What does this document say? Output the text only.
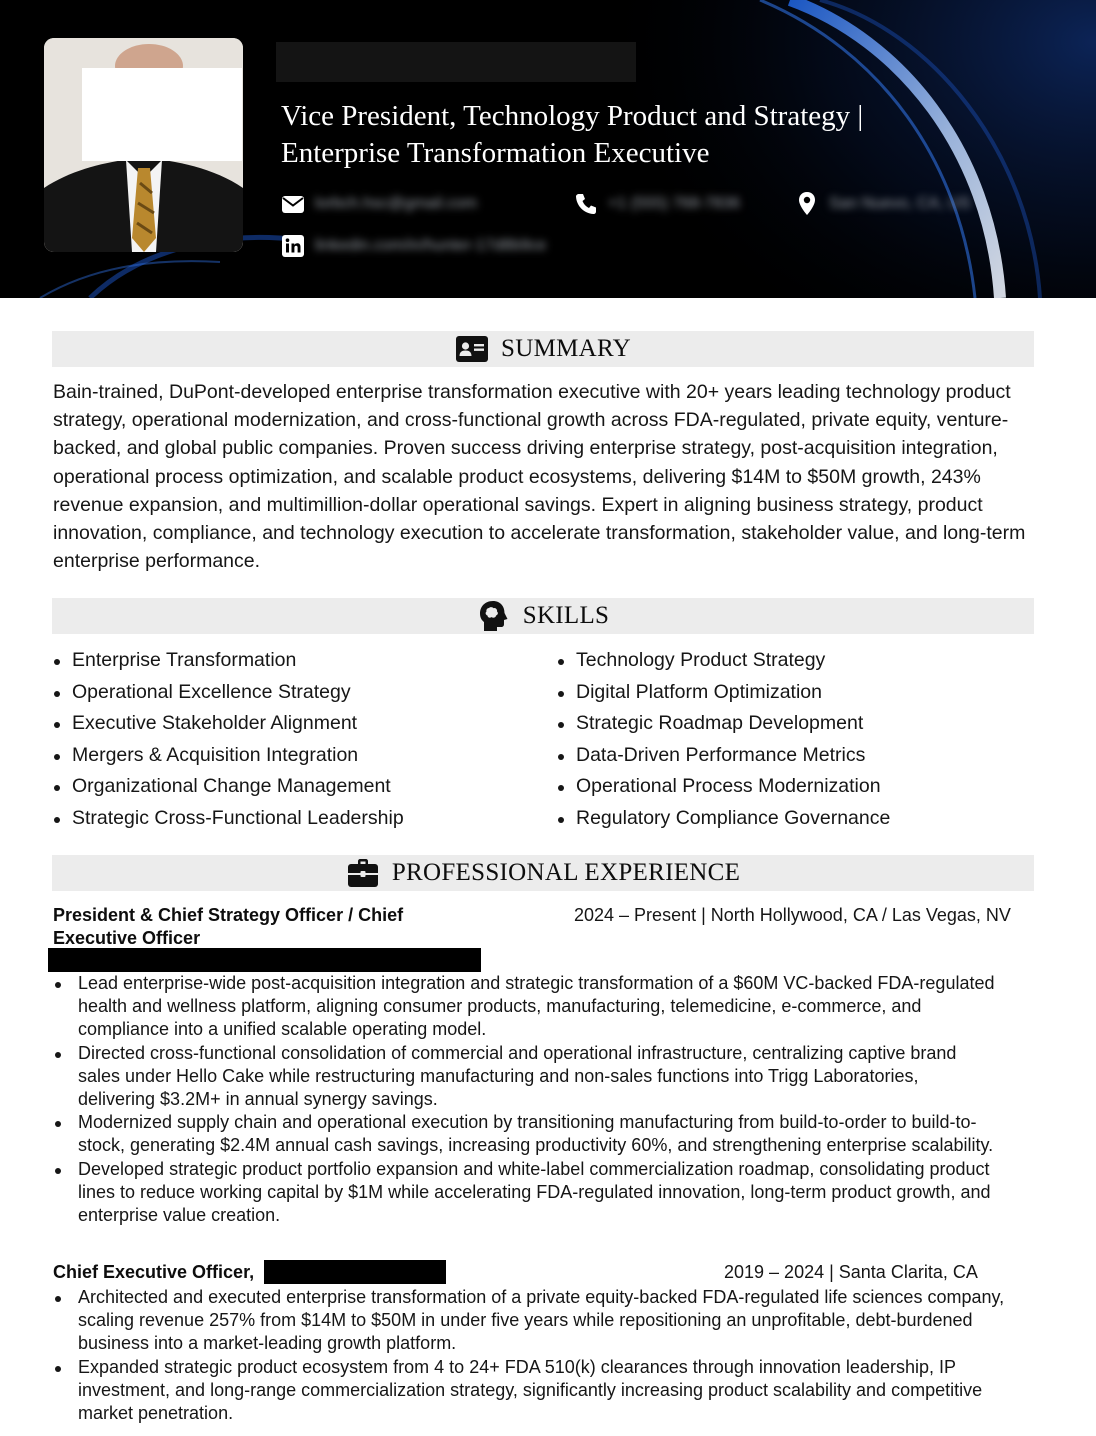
Vice President, Technology Product and Strategy |
Enterprise Transformation Executive
lorbch.hsc@gmail.com	+1 (555) 768-7836	San Nuevo, CA, US
linkedin.com/in/hunter-17d8b9ce
SUMMARY

Bain-trained, DuPont-developed enterprise transformation executive with 20+ years leading technology product strategy, operational modernization, and cross-functional growth across FDA-regulated, private equity, venture-backed, and global public companies. Proven success driving enterprise strategy, post-acquisition integration, operational process optimization, and scalable product ecosystems, delivering $14M to $50M growth, 243% revenue expansion, and multimillion-dollar operational savings. Expert in aligning business strategy, product innovation, compliance, and technology execution to accelerate transformation, stakeholder value, and long-term enterprise performance.

SKILLS
Enterprise Transformation
Operational Excellence Strategy
Executive Stakeholder Alignment
Mergers & Acquisition Integration
Organizational Change Management
Strategic Cross-Functional Leadership
Technology Product Strategy
Digital Platform Optimization
Strategic Roadmap Development
Data-Driven Performance Metrics
Operational Process Modernization
Regulatory Compliance Governance
PROFESSIONAL EXPERIENCE
President & Chief Strategy Officer / Chief Executive Officer
2024 – Present | North Hollywood, CA / Las Vegas, NV
Lead enterprise-wide post-acquisition integration and strategic transformation of a $60M VC-backed FDA-regulated health and wellness platform, aligning consumer products, manufacturing, telemedicine, e-commerce, and compliance into a unified scalable operating model.
Directed cross-functional consolidation of commercial and operational infrastructure, centralizing captive brand sales under Hello Cake while restructuring manufacturing and non-sales functions into Trigg Laboratories, delivering $3.2M+ in annual synergy savings.
Modernized supply chain and operational execution by transitioning manufacturing from build-to-order to build-to-stock, generating $2.4M annual cash savings, increasing productivity 60%, and strengthening enterprise scalability.
Developed strategic product portfolio expansion and white-label commercialization roadmap, consolidating product lines to reduce working capital by $1M while accelerating FDA-regulated innovation, long-term product growth, and enterprise value creation.
Chief Executive Officer,	2019 – 2024 | Santa Clarita, CA
Architected and executed enterprise transformation of a private equity-backed FDA-regulated life sciences company, scaling revenue 257% from $14M to $50M in under five years while repositioning an unprofitable, debt-burdened business into a market-leading growth platform.
Expanded strategic product ecosystem from 4 to 24+ FDA 510(k) clearances through innovation leadership, IP investment, and long-range commercialization strategy, significantly increasing product scalability and competitive market penetration.
